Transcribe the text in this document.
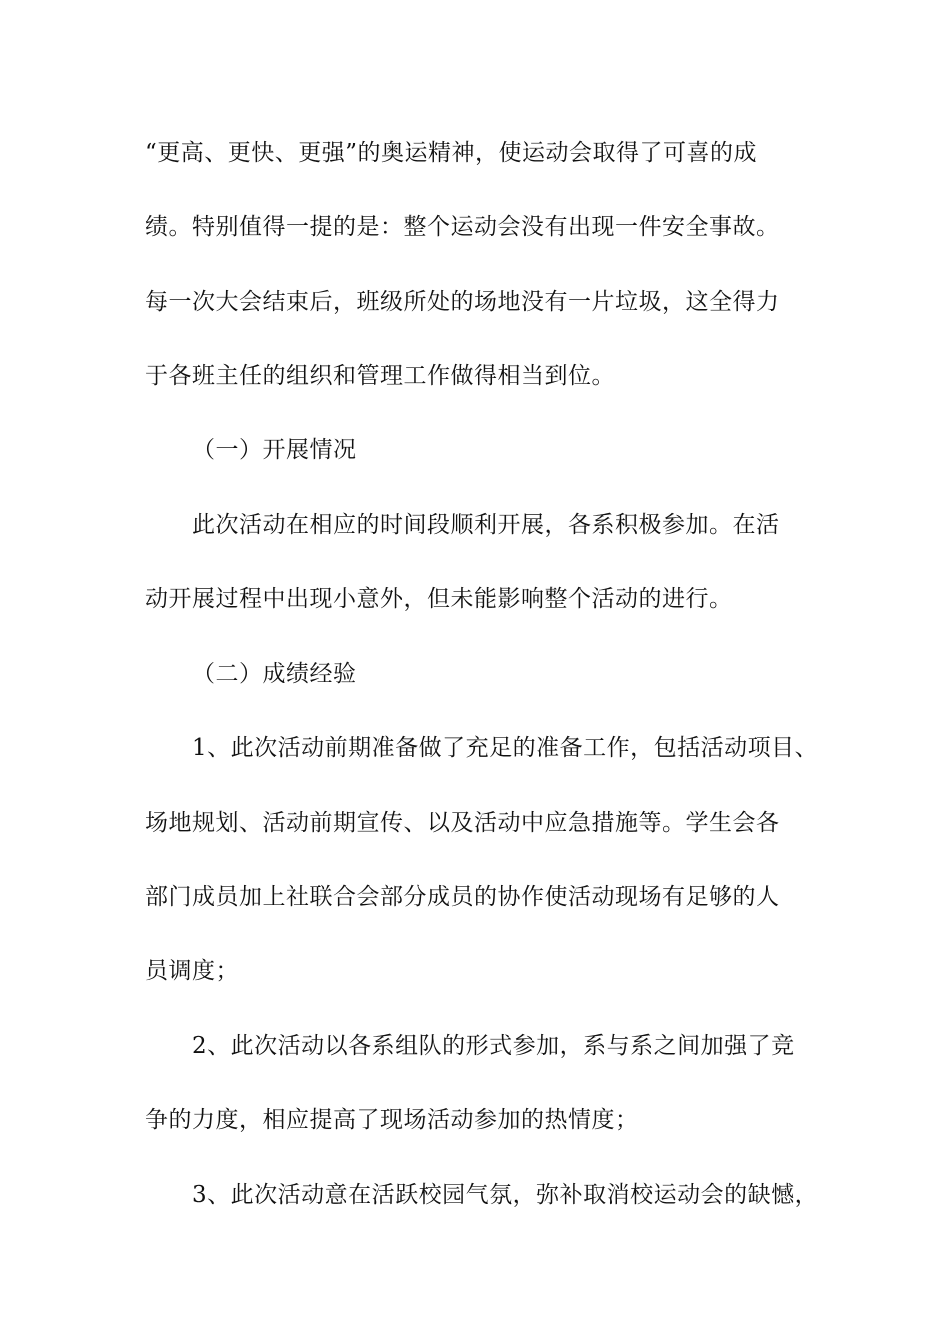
“更高、更快、更强”的奥运精神，使运动会取得了可喜的成
绩。特别值得一提的是：整个运动会没有出现一件安全事故。
每一次大会结束后，班级所处的场地没有一片垃圾，这全得力
于各班主任的组织和管理工作做得相当到位。
（一）开展情况
此次活动在相应的时间段顺利开展，各系积极参加。在活
动开展过程中出现小意外，但未能影响整个活动的进行。
（二）成绩经验
1、此次活动前期准备做了充足的准备工作，包括活动项目、
场地规划、活动前期宣传、以及活动中应急措施等。学生会各
部门成员加上社联合会部分成员的协作使活动现场有足够的人
员调度；
2、此次活动以各系组队的形式参加，系与系之间加强了竞
争的力度，相应提高了现场活动参加的热情度；
3、此次活动意在活跃校园气氛，弥补取消校运动会的缺憾，
